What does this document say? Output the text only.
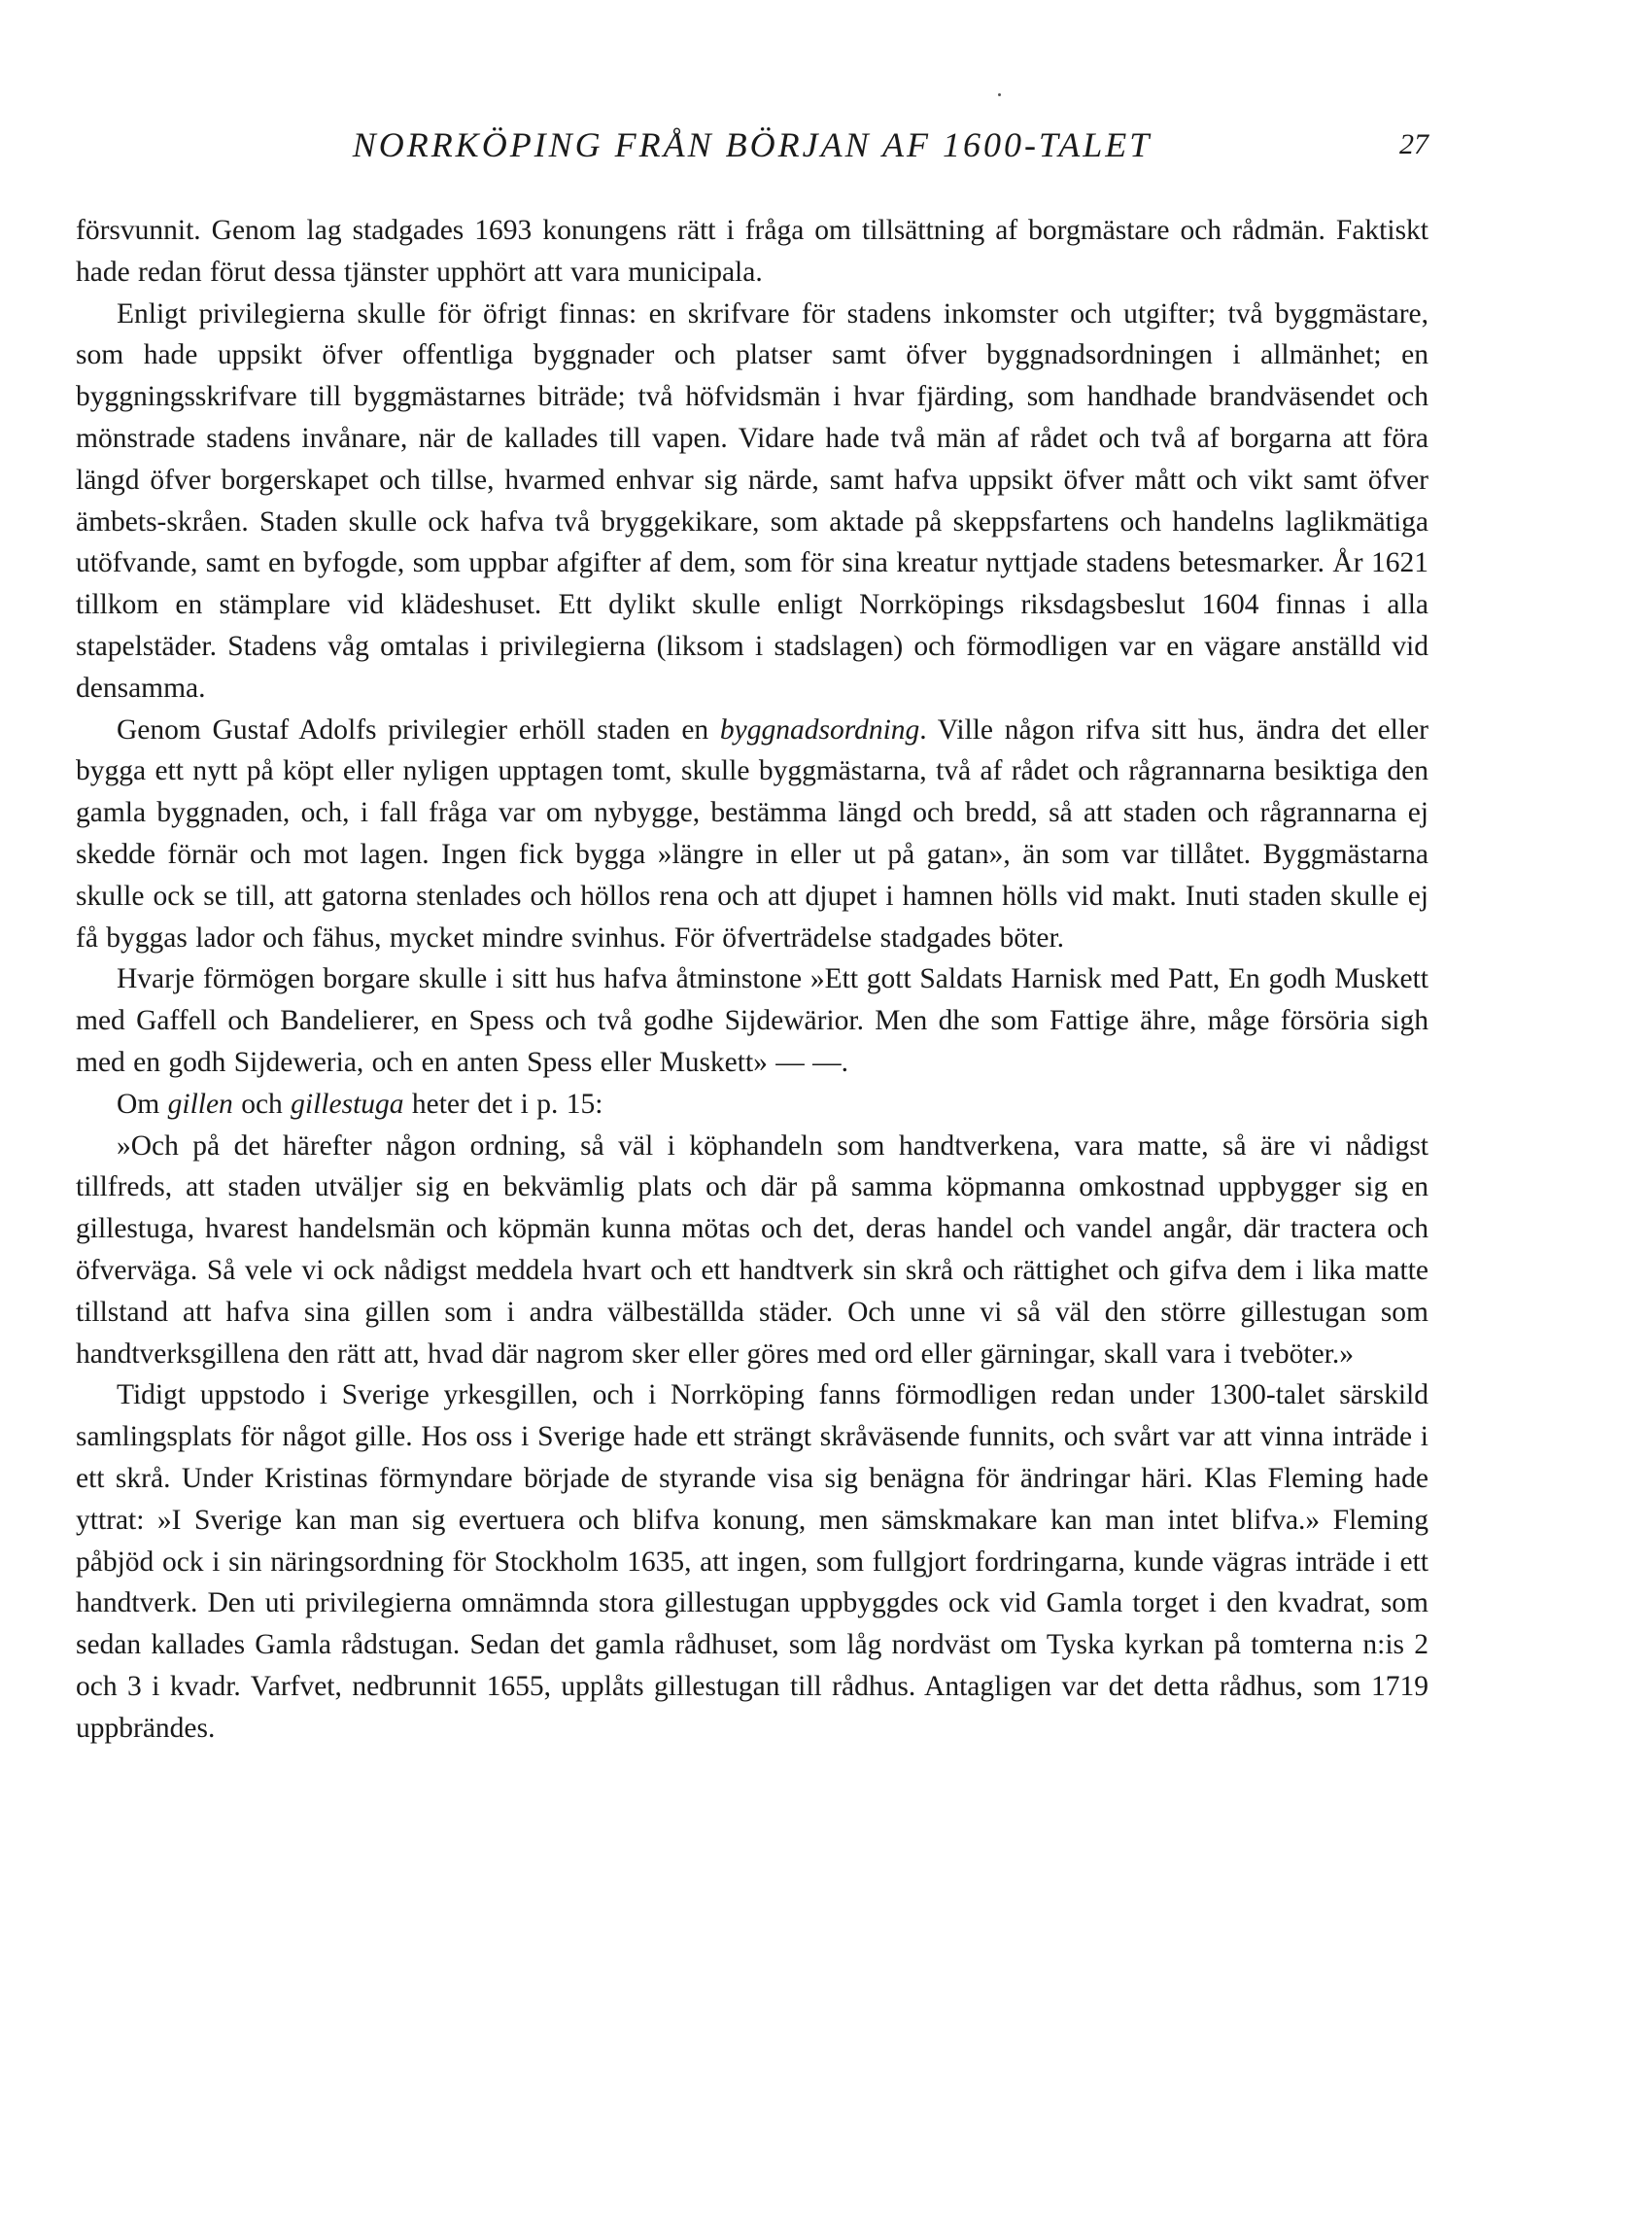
NORRKÖPING FRÅN BÖRJAN AF 1600-TALET	27

försvunnit. Genom lag stadgades 1693 konungens rätt i fråga om tillsättning af borgmästare och rådmän. Faktiskt hade redan förut dessa tjänster upphört att vara municipala.

Enligt privilegierna skulle för öfrigt finnas: en skrifvare för stadens inkomster och utgifter; två byggmästare, som hade uppsikt öfver offentliga byggnader och platser samt öfver byggnadsordningen i allmänhet; en byggningsskrifvare till byggmästarnes biträde; två höfvidsmän i hvar fjärding, som handhade brandväsendet och mönstrade stadens invånare, när de kallades till vapen. Vidare hade två män af rådet och två af borgarna att föra längd öfver borgerskapet och tillse, hvarmed enhvar sig närde, samt hafva uppsikt öfver mått och vikt samt öfver ämbets-skråen. Staden skulle ock hafva två bryggekikare, som aktade på skeppsfartens och handelns laglikmätiga utöfvande, samt en byfogde, som uppbar afgifter af dem, som för sina kreatur nyttjade stadens betesmarker. År 1621 tillkom en stämplare vid klädeshuset. Ett dylikt skulle enligt Norrköpings riksdagsbeslut 1604 finnas i alla stapelstäder. Stadens våg omtalas i privilegierna (liksom i stadslagen) och förmodligen var en vägare anställd vid densamma.

Genom Gustaf Adolfs privilegier erhöll staden en byggnadsordning. Ville någon rifva sitt hus, ändra det eller bygga ett nytt på köpt eller nyligen upptagen tomt, skulle byggmästarna, två af rådet och rågrannarna besiktiga den gamla byggnaden, och, i fall fråga var om nybygge, bestämma längd och bredd, så att staden och rågrannarna ej skedde förnär och mot lagen. Ingen fick bygga »längre in eller ut på gatan», än som var tillåtet. Byggmästarna skulle ock se till, att gatorna stenlades och höllos rena och att djupet i hamnen hölls vid makt. Inuti staden skulle ej få byggas lador och fähus, mycket mindre svinhus. För öfverträdelse stadgades böter.

Hvarje förmögen borgare skulle i sitt hus hafva åtminstone »Ett gott Saldats Harnisk med Patt, En godh Muskett med Gaffell och Bandelierer, en Spess och två godhe Sijdewärior. Men dhe som Fattige ähre, måge försöria sigh med en godh Sijdeweria, och en anten Spess eller Muskett» — —.

Om gillen och gillestuga heter det i p. 15:

»Och på det härefter någon ordning, så väl i köphandeln som handtverkena, vara matte, så äre vi nådigst tillfreds, att staden utväljer sig en bekvämlig plats och där på samma köpmanna omkostnad uppbygger sig en gillestuga, hvarest handelsmän och köpmän kunna mötas och det, deras handel och vandel angår, där tractera och öfverväga. Så vele vi ock nådigst meddela hvart och ett handtverk sin skrå och rättighet och gifva dem i lika matte tillstand att hafva sina gillen som i andra välbeställda städer. Och unne vi så väl den större gillestugan som handtverksgillena den rätt att, hvad där nagrom sker eller göres med ord eller gärningar, skall vara i tveböter.»

Tidigt uppstodo i Sverige yrkesgillen, och i Norrköping fanns förmodligen redan under 1300-talet särskild samlingsplats för något gille. Hos oss i Sverige hade ett strängt skråväsende funnits, och svårt var att vinna inträde i ett skrå. Under Kristinas förmyndare började de styrande visa sig benägna för ändringar häri. Klas Fleming hade yttrat: »I Sverige kan man sig evertuera och blifva konung, men sämskmakare kan man intet blifva.» Fleming påbjöd ock i sin näringsordning för Stockholm 1635, att ingen, som fullgjort fordringarna, kunde vägras inträde i ett handtverk. Den uti privilegierna omnämnda stora gillestugan uppbyggdes ock vid Gamla torget i den kvadrat, som sedan kallades Gamla rådstugan. Sedan det gamla rådhuset, som låg nordväst om Tyska kyrkan på tomterna n:is 2 och 3 i kvadr. Varfvet, nedbrunnit 1655, upplåts gillestugan till rådhus. Antagligen var det detta rådhus, som 1719 uppbrändes.
